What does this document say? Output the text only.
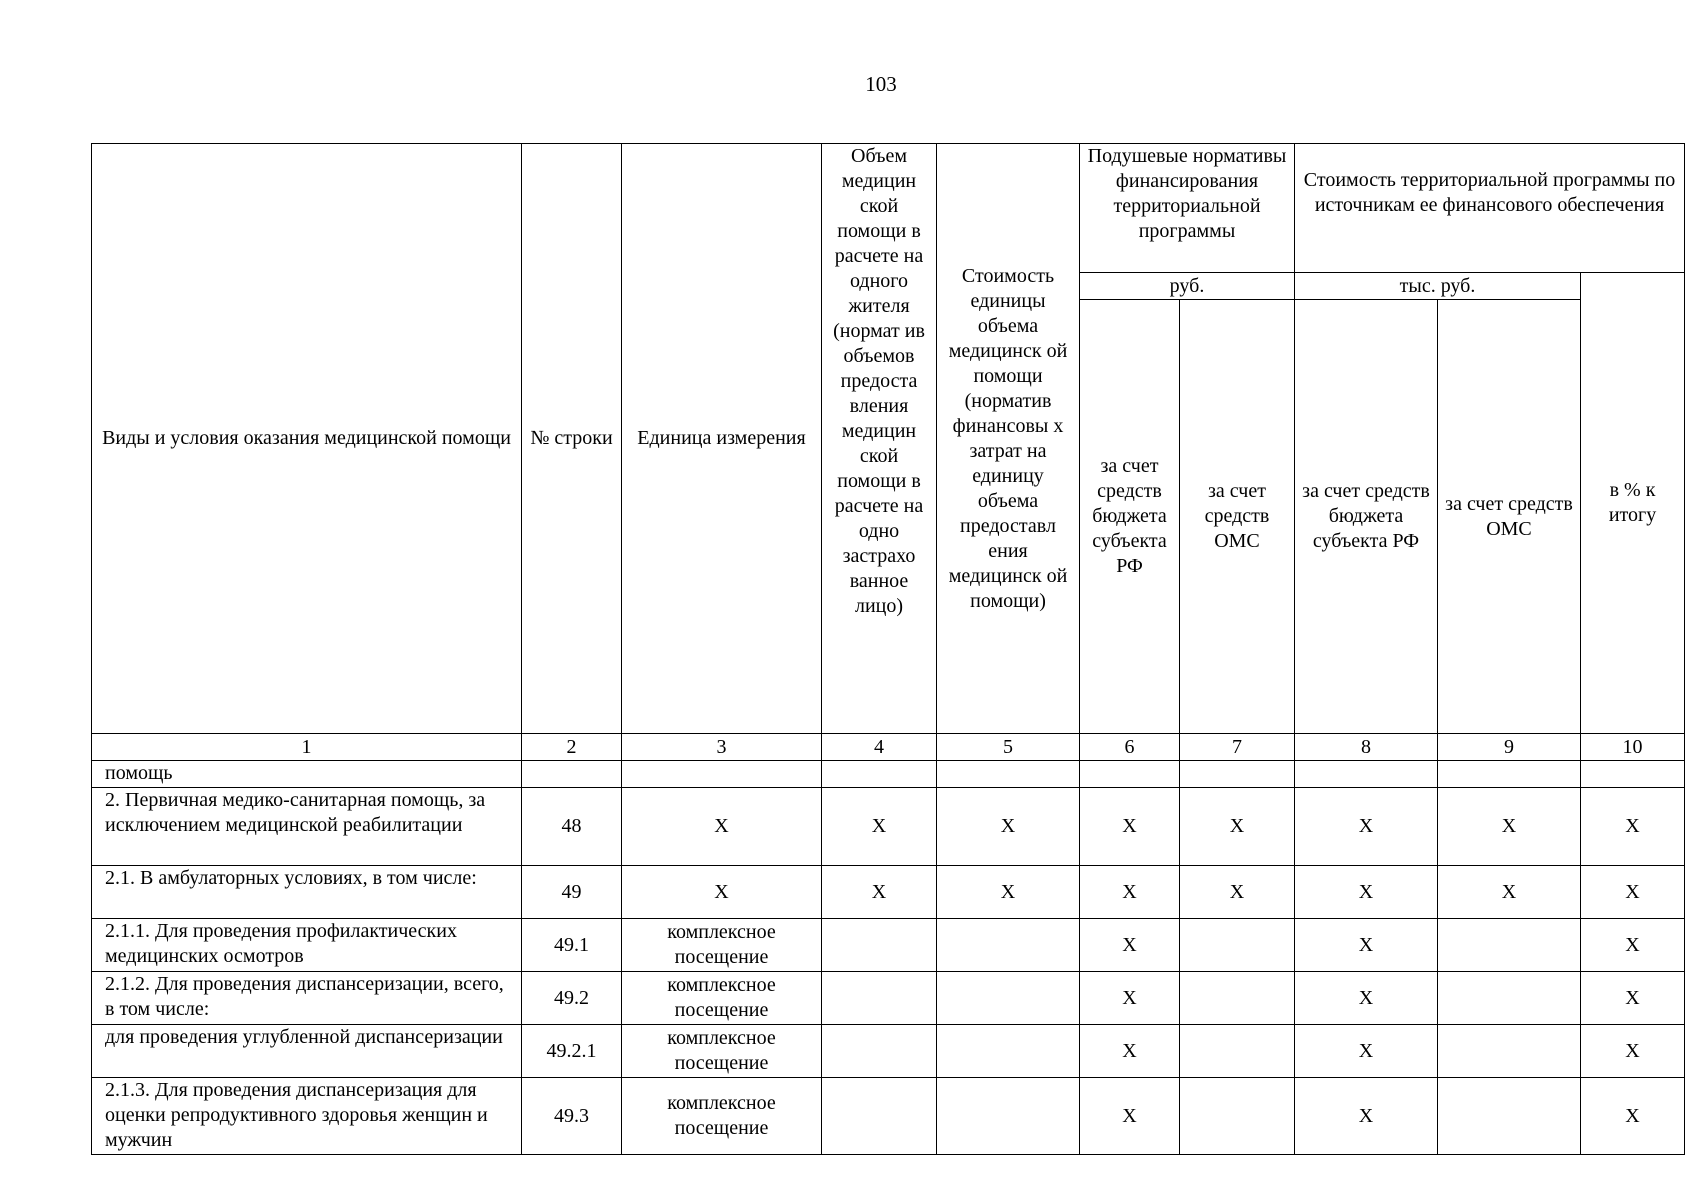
103
Виды и условия оказания медицинской помощи	№ строки	Единица измерения	Объем медицин ской помощи в расчете на одного жителя (нормат ив объемов предоста вления медицин ской помощи в расчете на одно застрахо ванное лицо)	Стоимость единицы объема медицинск ой помощи (норматив финансовы х затрат на единицу объема предоставл ения медицинск ой помощи)	Подушевые нормативы финансирования территориальной программы		Стоимость территориальной программы по источникам ее финансового обеспечения		
					руб.		тыс. руб.		в % к итогу
					за счет средств бюджета субъекта РФ	за счет средств ОМС	за счет средств бюджета субъекта РФ	за счет средств ОМС	
1	2	3	4	5	6	7	8	9	10
помощь									
2. Первичная медико-санитарная помощь, за исключением медицинской реабилитации	48	X	X	X	X	X	X	X	X
2.1. В амбулаторных условиях, в том числе:	49	X	X	X	X	X	X	X	X
2.1.1. Для проведения профилактических медицинских осмотров	49.1	комплексное посещение			X		X		X
2.1.2. Для проведения диспансеризации, всего, в том числе:	49.2	комплексное посещение			X		X		X
для проведения углубленной диспансеризации	49.2.1	комплексное посещение			X		X		X
2.1.3. Для проведения диспансеризация для оценки репродуктивного здоровья женщин и мужчин	49.3	комплексное посещение			X		X		X
